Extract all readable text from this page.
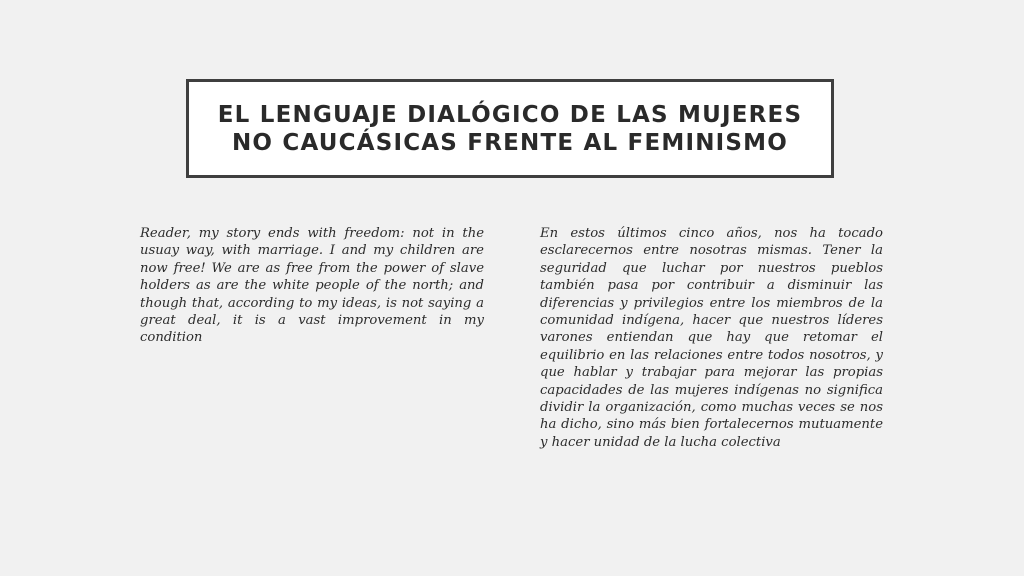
EL LENGUAJE DIALÓGICO DE LAS MUJERES NO CAUCÁSICAS FRENTE AL FEMINISMO

Reader, my story ends with freedom: not in the usuay way, with marriage. I and my children are now free! We are as free from the power of slave holders as are the white people of the north; and though that, according to my ideas, is not saying a great deal, it is a vast improvement in my condition

En estos últimos cinco años, nos ha tocado esclarecernos entre nosotras mismas. Tener la seguridad que luchar por nuestros pueblos también pasa por contribuir a disminuir las diferencias y privilegios entre los miembros de la comunidad indígena, hacer que nuestros líderes varones entiendan que hay que retomar el equilibrio en las relaciones entre todos nosotros, y que hablar y trabajar para mejorar las propias capacidades de las mujeres indígenas no significa dividir la organización, como muchas veces se nos ha dicho, sino más bien fortalecernos mutuamente y hacer unidad de la lucha colectiva
